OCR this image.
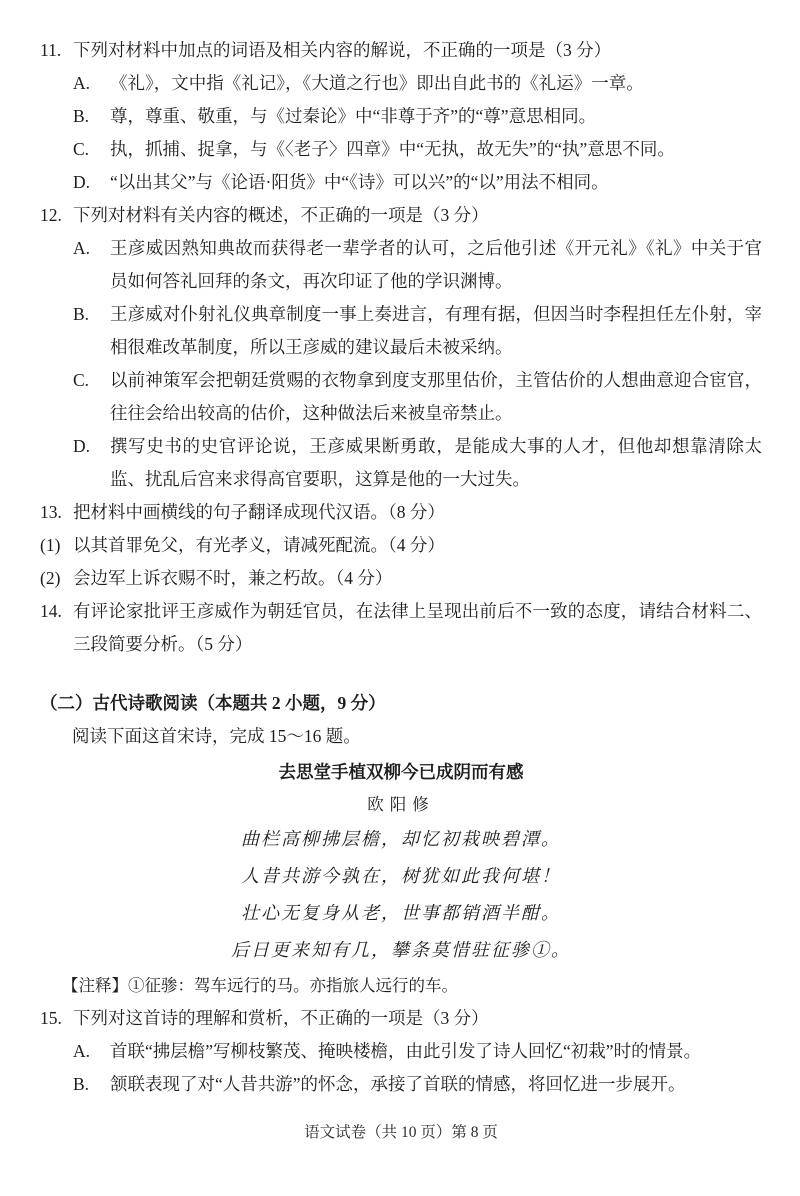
11. 下列对材料中加点的词语及相关内容的解说，不正确的一项是（3 分）
A.	《礼》，文中指《礼记》，《大道之行也》即出自此书的《礼运》一章。
B.	尊，尊重、敬重，与《过秦论》中“非尊于齐”的“尊”意思相同。
C.	执，抓捕、捉拿，与《〈老子〉四章》中“无执，故无失”的“执”意思不同。
D.	“以出其父”与《论语·阳货》中“《诗》可以兴”的“以”用法不相同。
12. 下列对材料有关内容的概述，不正确的一项是（3 分）
A.	王彦威因熟知典故而获得老一辈学者的认可，之后他引述《开元礼》《礼》中关于官员如何答礼回拜的条文，再次印证了他的学识渊博。
B.	王彦威对仆射礼仪典章制度一事上奏进言，有理有据，但因当时李程担任左仆射，宰相很难改革制度，所以王彦威的建议最后未被采纳。
C.	以前神策军会把朝廷赏赐的衣物拿到度支那里估价，主管估价的人想曲意迎合宦官，往往会给出较高的估价，这种做法后来被皇帝禁止。
D.	撰写史书的史官评论说，王彦威果断勇敢，是能成大事的人才，但他却想靠清除太监、扰乱后宫来求得高官要职，这算是他的一大过失。
13. 把材料中画横线的句子翻译成现代汉语。（8 分）
(1) 以其首罪免父，有光孝义，请减死配流。（4 分）
(2) 会边军上诉衣赐不时，兼之朽故。（4 分）
14. 有评论家批评王彦威作为朝廷官员，在法律上呈现出前后不一致的态度，请结合材料二、三段简要分析。（5 分）
（二）古代诗歌阅读（本题共 2 小题，9 分）
阅读下面这首宋诗，完成 15～16 题。
去思堂手植双柳今已成阴而有感
欧阳修
曲栏高柳拂层檐，却忆初栽映碧潭。
人昔共游今孰在，树犹如此我何堪！
壮心无复身从老，世事都销酒半酣。
后日更来知有几，攀条莫惜驻征骖①。
【注释】①征骖：驾车远行的马。亦指旅人远行的车。
15. 下列对这首诗的理解和赏析，不正确的一项是（3 分）
A.	首联“拂层檐”写柳枝繁茂、掩映楼檐，由此引发了诗人回忆“初栽”时的情景。
B.	颔联表现了对“人昔共游”的怀念，承接了首联的情感，将回忆进一步展开。
语文试卷（共 10 页）第 8 页
